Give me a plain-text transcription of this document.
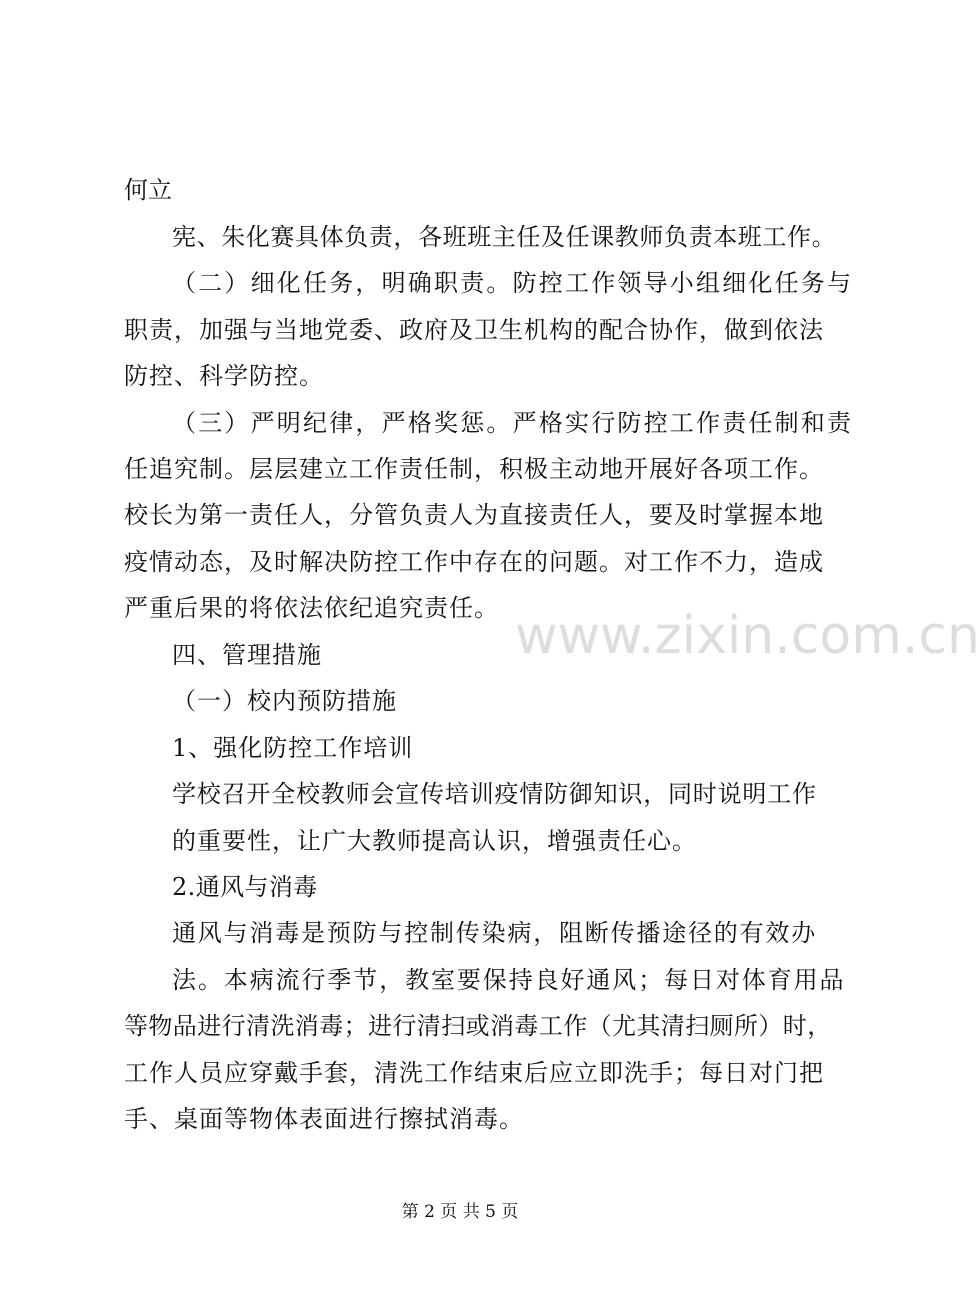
何立
宪、朱化赛具体负责，各班班主任及任课教师负责本班工作。
（二）细化任务，明确职责。防控工作领导小组细化任务与
职责，加强与当地党委、政府及卫生机构的配合协作，做到依法
防控、科学防控。
（三）严明纪律，严格奖惩。严格实行防控工作责任制和责
任追究制。层层建立工作责任制，积极主动地开展好各项工作。
校长为第一责任人，分管负责人为直接责任人，要及时掌握本地
疫情动态，及时解决防控工作中存在的问题。对工作不力，造成
严重后果的将依法依纪追究责任。
四、管理措施
（一）校内预防措施
1、强化防控工作培训
学校召开全校教师会宣传培训疫情防御知识，同时说明工作
的重要性，让广大教师提高认识，增强责任心。
2.通风与消毒
通风与消毒是预防与控制传染病，阻断传播途径的有效办
法。本病流行季节，教室要保持良好通风；每日对体育用品
等物品进行清洗消毒；进行清扫或消毒工作（尤其清扫厕所）时，
工作人员应穿戴手套，清洗工作结束后应立即洗手；每日对门把
手、桌面等物体表面进行擦拭消毒。
www.zixin.com.cn
第 2 页 共 5 页
